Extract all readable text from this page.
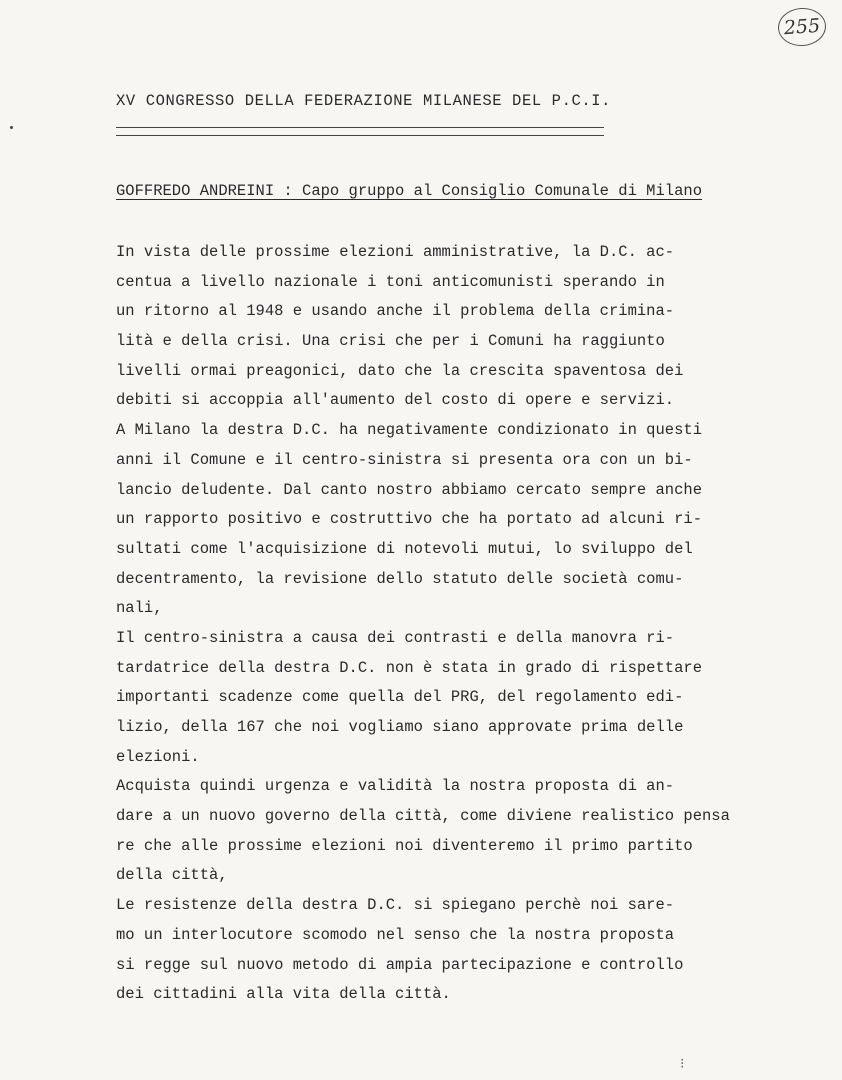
255
XV CONGRESSO DELLA FEDERAZIONE MILANESE DEL P.C.I.
GOFFREDO ANDREINI : Capo gruppo al Consiglio Comunale di Milano
In vista delle prossime elezioni amministrative, la D.C. ac-
centua a livello nazionale i toni anticomunisti sperando in
un ritorno al 1948 e usando anche il problema della crimina-
lità e della crisi. Una crisi che per i Comuni ha raggiunto
livelli ormai preagonici, dato che la crescita spaventosa dei
debiti si accoppia all'aumento del costo di opere e servizi.
A Milano la destra D.C. ha negativamente condizionato in questi
anni il Comune e il centro-sinistra si presenta ora con un bi-
lancio deludente. Dal canto nostro abbiamo cercato sempre anche
un rapporto positivo e costruttivo che ha portato ad alcuni ri-
sultati come l'acquisizione di notevoli mutui, lo sviluppo del
decentramento, la revisione dello statuto delle società comu-
nali,
Il centro-sinistra a causa dei contrasti e della manovra ri-
tardatrice della destra D.C. non è stata in grado di rispettare
importanti scadenze come quella del PRG, del regolamento edi-
lizio, della 167 che noi vogliamo siano approvate prima delle
elezioni.
Acquista quindi urgenza e validità la nostra proposta di an-
dare a un nuovo governo della città, come diviene realistico pensa
re che alle prossime elezioni noi diventeremo il primo partito
della città,
Le resistenze della destra D.C. si spiegano perchè noi sare-
mo un interlocutore scomodo nel senso che la nostra proposta
si regge sul nuovo metodo di ampia partecipazione e controllo
dei cittadini alla vita della città.
⁝
